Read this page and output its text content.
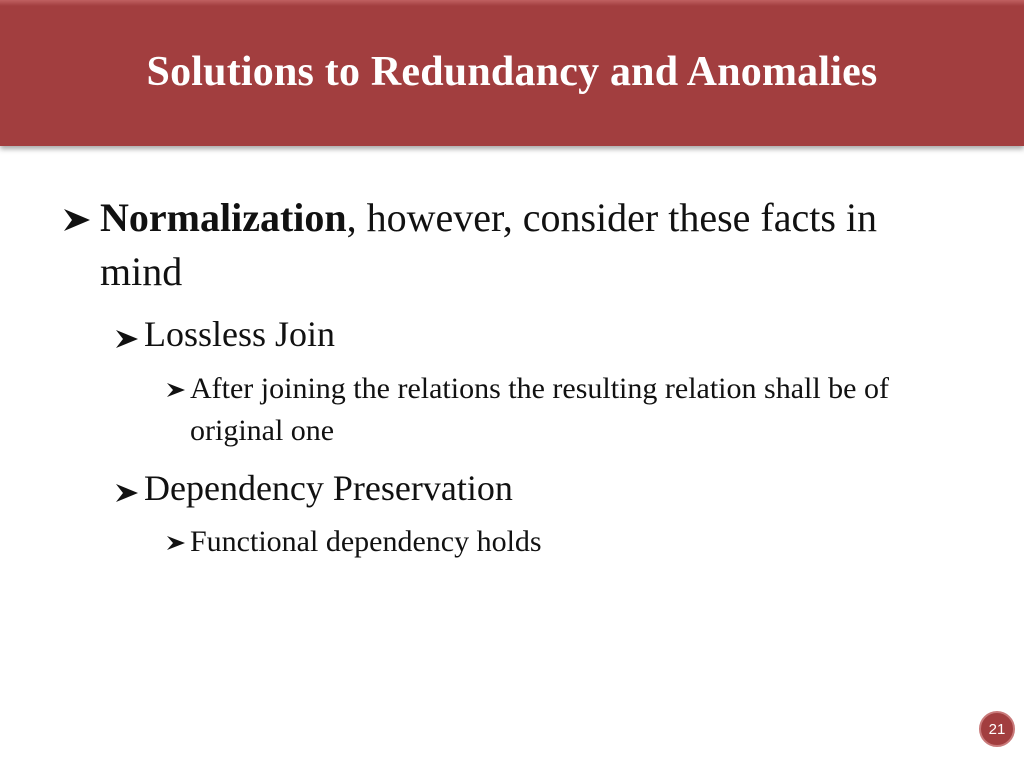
Solutions to Redundancy and Anomalies
Normalization, however, consider these facts in mind
Lossless Join
After joining the relations the resulting relation shall be of original one
Dependency Preservation
Functional dependency holds
21
